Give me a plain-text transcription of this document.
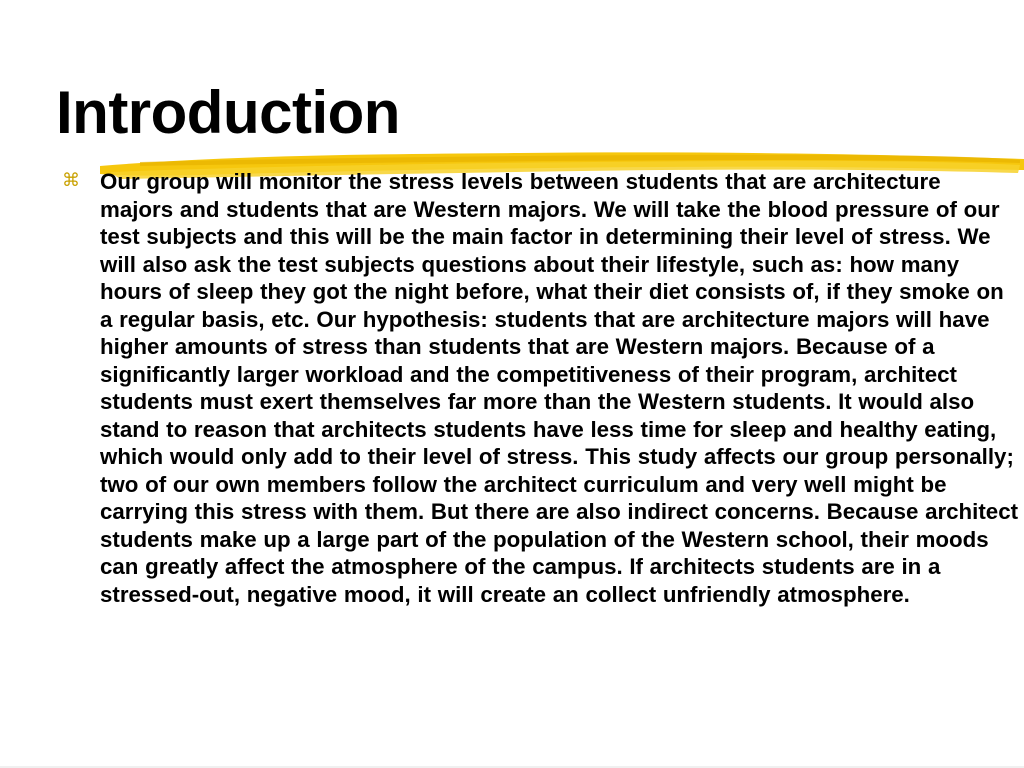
Introduction
⌘ Our group will monitor the stress levels between students that are architecture majors and students that are Western majors. We will take the blood pressure of our test subjects and this will be the main factor in determining their level of stress. We will also ask the test subjects questions about their lifestyle, such as: how many hours of sleep they got the night before, what their diet consists of, if they smoke on a regular basis, etc. Our hypothesis: students that are architecture majors will have higher amounts of stress than students that are Western majors. Because of a significantly larger workload and the competitiveness of their program, architect students must exert themselves far more than the Western students. It would also stand to reason that architects students have less time for sleep and healthy eating, which would only add to their level of stress. This study affects our group personally; two of our own members follow the architect curriculum and very well might be carrying this stress with them. But there are also indirect concerns. Because architect students make up a large part of the population of the Western school, their moods can greatly affect the atmosphere of the campus. If architects students are in a stressed-out, negative mood, it will create an collect unfriendly atmosphere.
